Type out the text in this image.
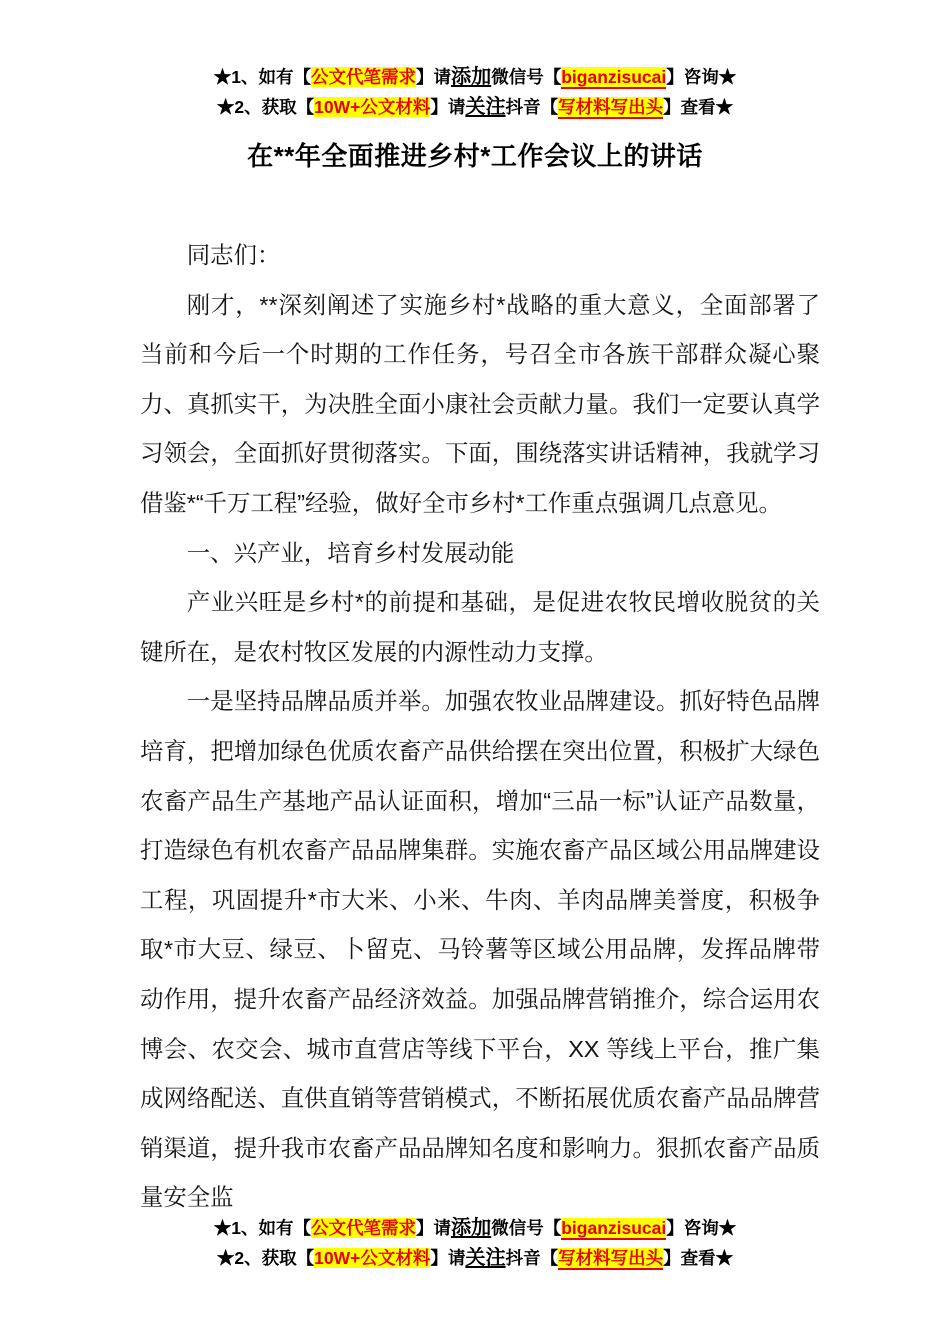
★1、如有【公文代笔需求】请添加微信号【biganzisucai】咨询★
★2、获取【10W+公文材料】请关注抖音【写材料写出头】查看★
在**年全面推进乡村*工作会议上的讲话

同志们：

刚才，**深刻阐述了实施乡村*战略的重大意义，全面部署了当前和今后一个时期的工作任务，号召全市各族干部群众凝心聚力、真抓实干，为决胜全面小康社会贡献力量。我们一定要认真学习领会，全面抓好贯彻落实。下面，围绕落实讲话精神，我就学习借鉴*“千万工程”经验，做好全市乡村*工作重点强调几点意见。

一、兴产业，培育乡村发展动能

产业兴旺是乡村*的前提和基础，是促进农牧民增收脱贫的关键所在，是农村牧区发展的内源性动力支撑。

一是坚持品牌品质并举。加强农牧业品牌建设。抓好特色品牌培育，把增加绿色优质农畜产品供给摆在突出位置，积极扩大绿色农畜产品生产基地产品认证面积，增加“三品一标”认证产品数量，打造绿色有机农畜产品品牌集群。实施农畜产品区域公用品牌建设工程，巩固提升*市大米、小米、牛肉、羊肉品牌美誉度，积极争取*市大豆、绿豆、卜留克、马铃薯等区域公用品牌，发挥品牌带动作用，提升农畜产品经济效益。加强品牌营销推介，综合运用农博会、农交会、城市直营店等线下平台，XX 等线上平台，推广集成网络配送、直供直销等营销模式，不断拓展优质农畜产品品牌营销渠道，提升我市农畜产品品牌知名度和影响力。狠抓农畜产品质量安全监

★1、如有【公文代笔需求】请添加微信号【biganzisucai】咨询★
★2、获取【10W+公文材料】请关注抖音【写材料写出头】查看★
